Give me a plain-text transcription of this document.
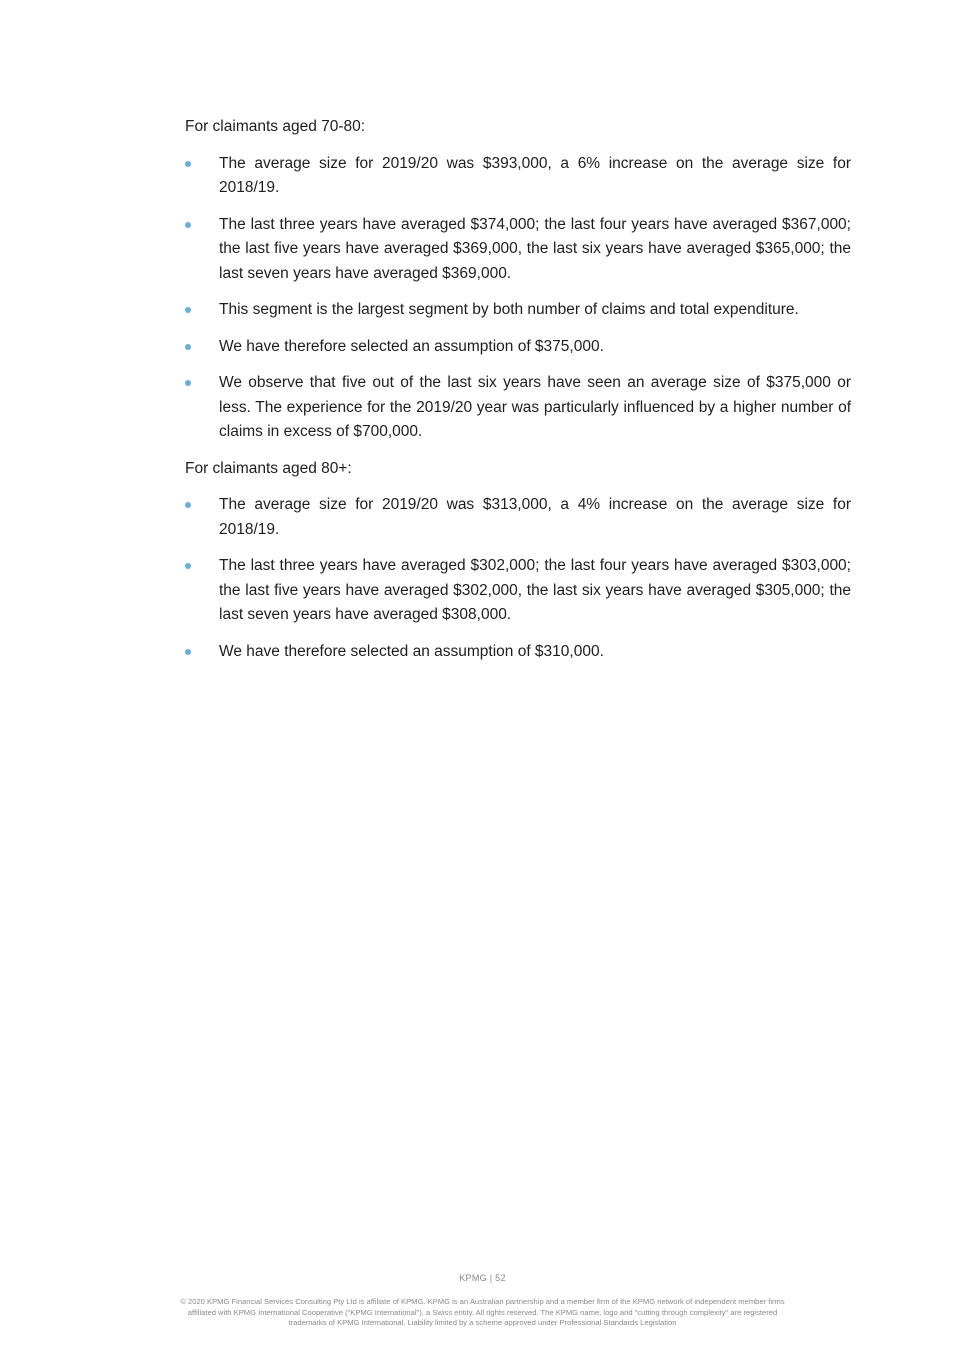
For claimants aged 70-80:

The average size for 2019/20 was $393,000, a 6% increase on the average size for 2018/19.
The last three years have averaged $374,000; the last four years have averaged $367,000; the last five years have averaged $369,000, the last six years have averaged $365,000; the last seven years have averaged $369,000.
This segment is the largest segment by both number of claims and total expenditure.
We have therefore selected an assumption of $375,000.
We observe that five out of the last six years have seen an average size of $375,000 or less. The experience for the 2019/20 year was particularly influenced by a higher number of claims in excess of $700,000.

For claimants aged 80+:

The average size for 2019/20 was $313,000, a 4% increase on the average size for 2018/19.
The last three years have averaged $302,000; the last four years have averaged $303,000; the last five years have averaged $302,000, the last six years have averaged $305,000; the last seven years have averaged $308,000.
We have therefore selected an assumption of $310,000.
KPMG | 52
© 2020 KPMG Financial Services Consulting Pty Ltd is affiliate of KPMG. KPMG is an Australian partnership and a member firm of the KPMG network of independent member firms
affiliated with KPMG International Cooperative ("KPMG International"), a Swiss entity. All rights reserved. The KPMG name, logo and "cutting through complexity" are registered
trademarks of KPMG International. Liability limited by a scheme approved under Professional Standards Legislation
